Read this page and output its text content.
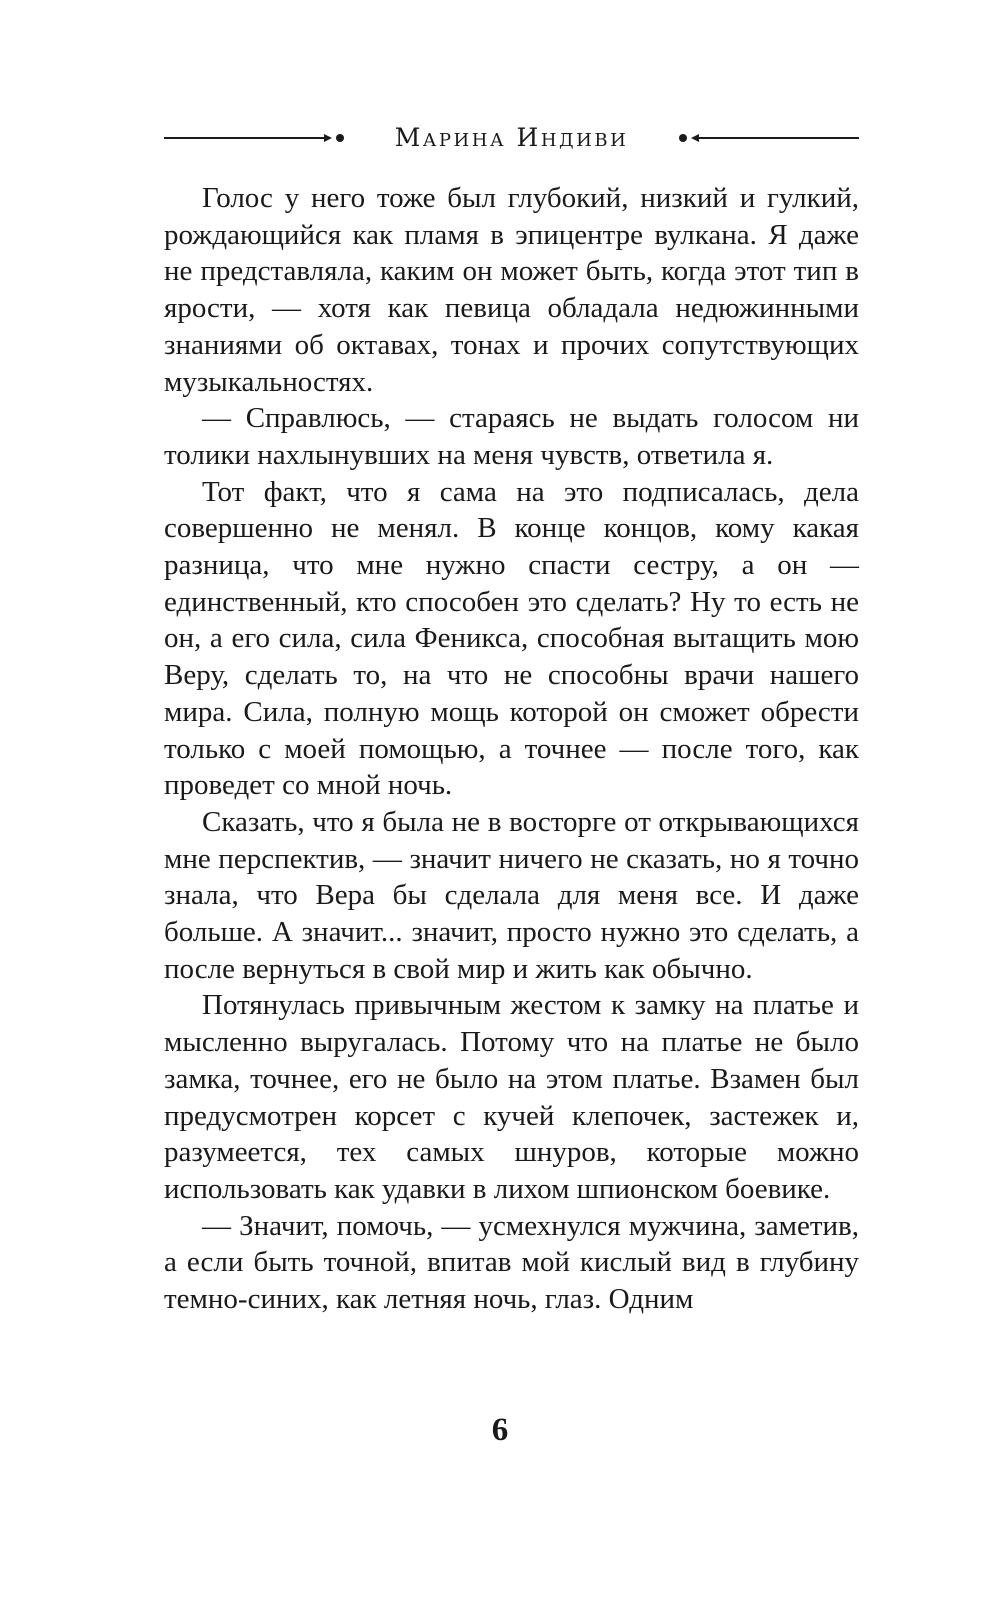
Марина Индиви

Голос у него тоже был глубокий, низкий и гулкий, рождающийся как пламя в эпицентре вулкана. Я даже не представляла, каким он может быть, когда этот тип в ярости, — хотя как певица обладала недюжинными знаниями об октавах, тонах и прочих сопутствующих музыкальностях.

— Справлюсь, — стараясь не выдать голосом ни толики нахлынувших на меня чувств, ответила я.

Тот факт, что я сама на это подписалась, дела совершенно не менял. В конце концов, кому какая разница, что мне нужно спасти сестру, а он — единственный, кто способен это сделать? Ну то есть не он, а его сила, сила Феникса, способная вытащить мою Веру, сделать то, на что не способны врачи нашего мира. Сила, полную мощь которой он сможет обрести только с моей помощью, а точнее — после того, как проведет со мной ночь.

Сказать, что я была не в восторге от открывающихся мне перспектив, — значит ничего не сказать, но я точно знала, что Вера бы сделала для меня все. И даже больше. А значит... значит, просто нужно это сделать, а после вернуться в свой мир и жить как обычно.

Потянулась привычным жестом к замку на платье и мысленно выругалась. Потому что на платье не было замка, точнее, его не было на этом платье. Взамен был предусмотрен корсет с кучей клепочек, застежек и, разумеется, тех самых шнуров, которые можно использовать как удавки в лихом шпионском боевике.

— Значит, помочь, — усмехнулся мужчина, заметив, а если быть точной, впитав мой кислый вид в глубину темно-синих, как летняя ночь, глаз. Одним

6
